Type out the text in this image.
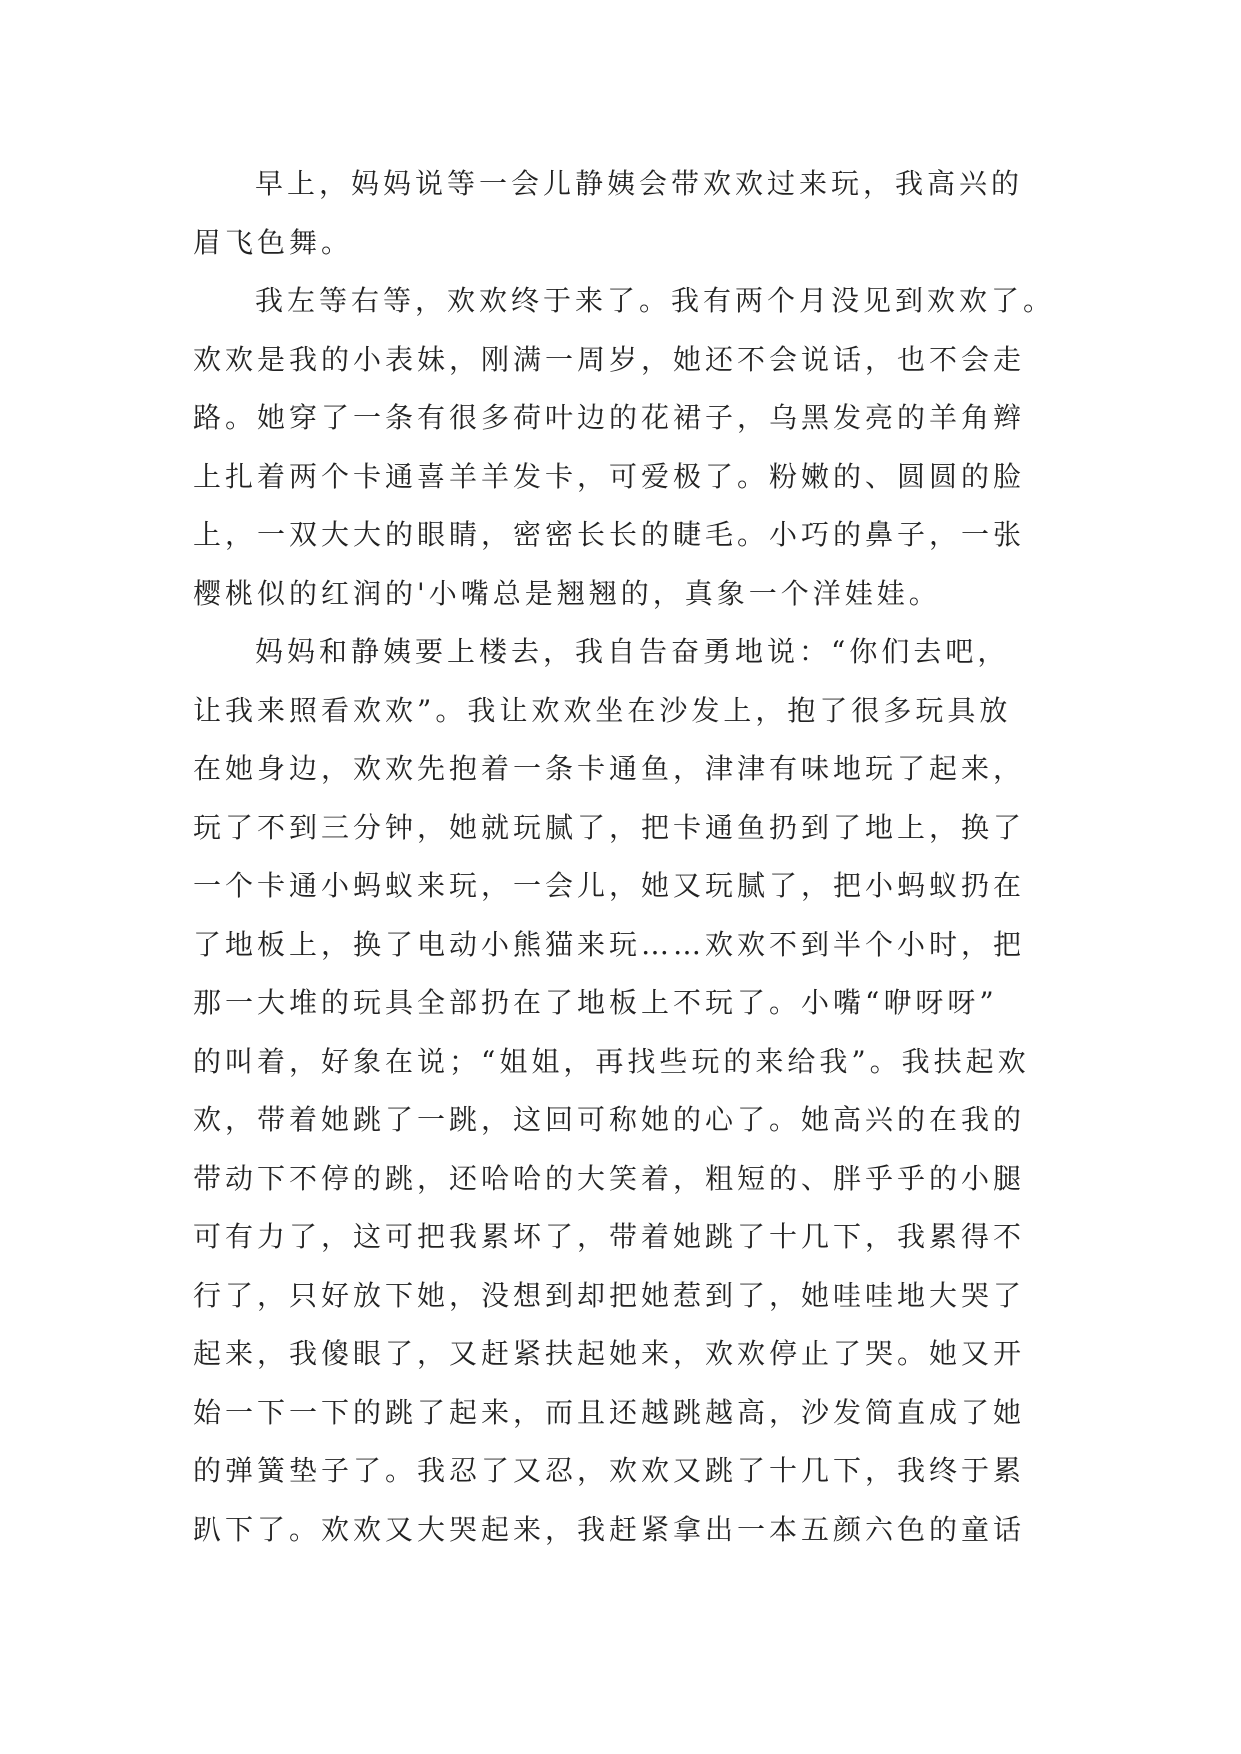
早上，妈妈说等一会儿静姨会带欢欢过来玩，我高兴的
眉飞色舞。
我左等右等，欢欢终于来了。我有两个月没见到欢欢了。
欢欢是我的小表妹，刚满一周岁，她还不会说话，也不会走
路。她穿了一条有很多荷叶边的花裙子，乌黑发亮的羊角辫
上扎着两个卡通喜羊羊发卡，可爱极了。粉嫩的、圆圆的脸
上，一双大大的眼睛，密密长长的睫毛。小巧的鼻子，一张
樱桃似的红润的'小嘴总是翘翘的，真象一个洋娃娃。
妈妈和静姨要上楼去，我自告奋勇地说：“你们去吧，
让我来照看欢欢”。我让欢欢坐在沙发上，抱了很多玩具放
在她身边，欢欢先抱着一条卡通鱼，津津有味地玩了起来，
玩了不到三分钟，她就玩腻了，把卡通鱼扔到了地上，换了
一个卡通小蚂蚁来玩，一会儿，她又玩腻了，把小蚂蚁扔在
了地板上，换了电动小熊猫来玩……欢欢不到半个小时，把
那一大堆的玩具全部扔在了地板上不玩了。小嘴“咿呀呀”
的叫着，好象在说；“姐姐，再找些玩的来给我”。我扶起欢
欢，带着她跳了一跳，这回可称她的心了。她高兴的在我的
带动下不停的跳，还哈哈的大笑着，粗短的、胖乎乎的小腿
可有力了，这可把我累坏了，带着她跳了十几下，我累得不
行了，只好放下她，没想到却把她惹到了，她哇哇地大哭了
起来，我傻眼了，又赶紧扶起她来，欢欢停止了哭。她又开
始一下一下的跳了起来，而且还越跳越高，沙发简直成了她
的弹簧垫子了。我忍了又忍，欢欢又跳了十几下，我终于累
趴下了。欢欢又大哭起来，我赶紧拿出一本五颜六色的童话
